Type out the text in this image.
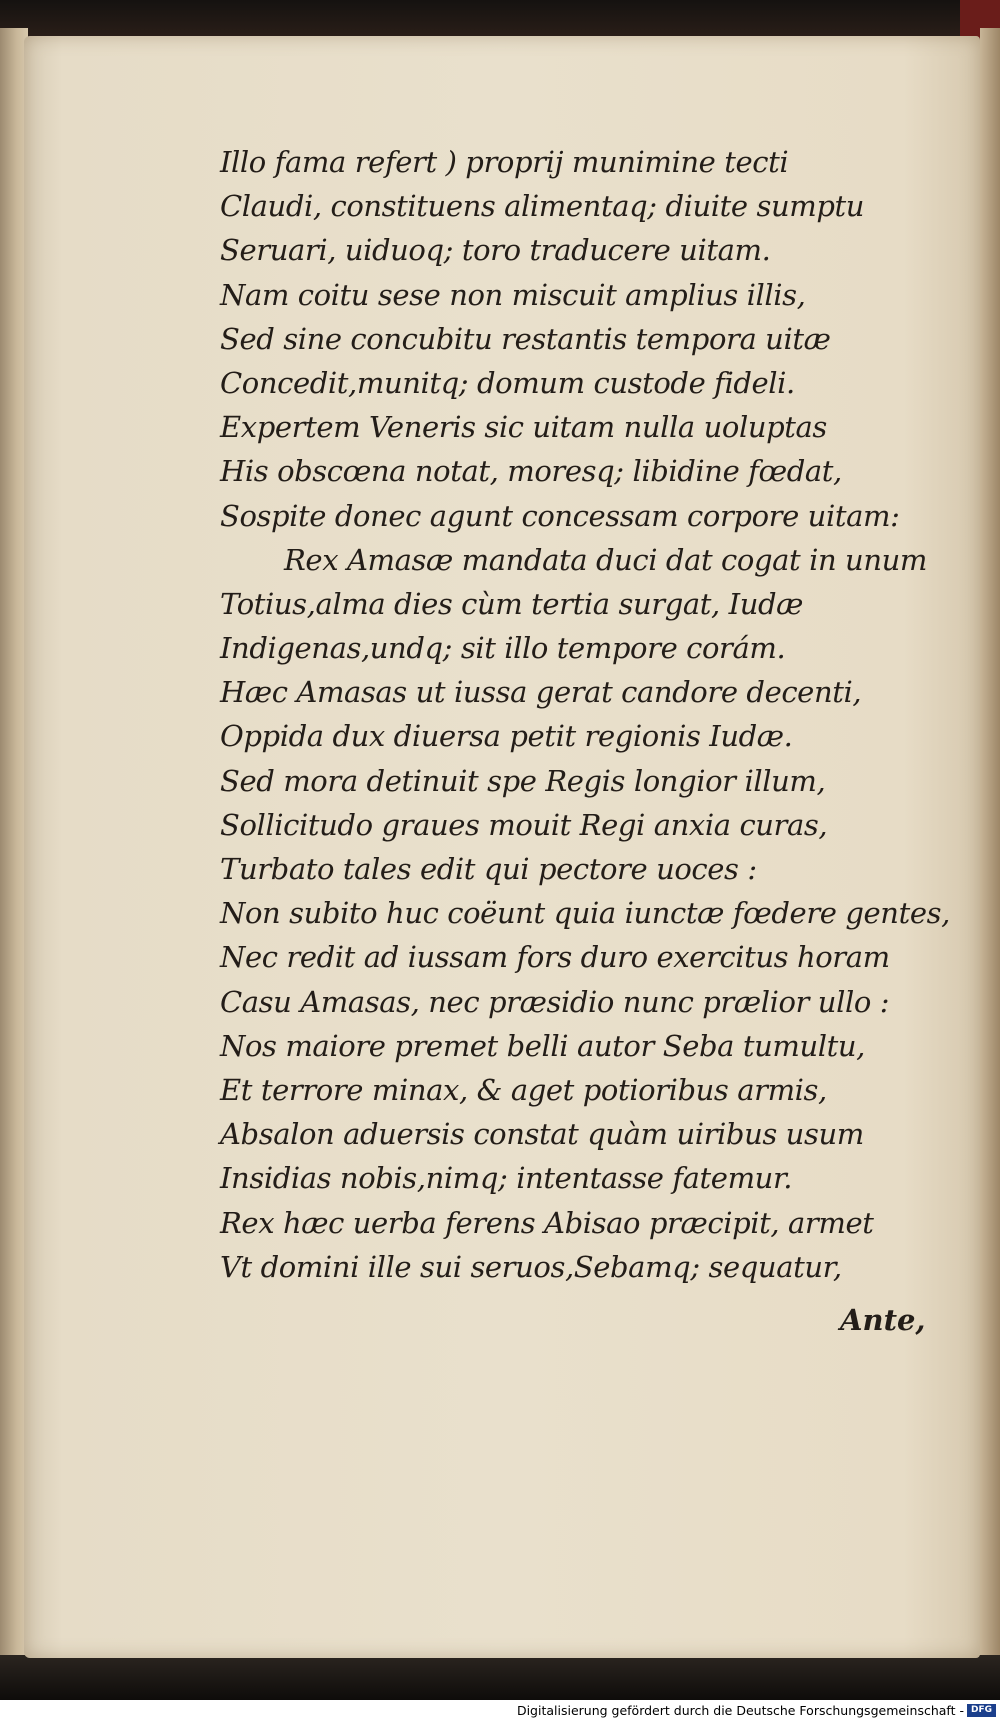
Illo fama refert ) proprij munimine tecti
Claudi, constituens alimentaq; diuite sumptu
Seruari, uiduoq; toro traducere uitam.
Nam coitu sese non miscuit amplius illis,
Sed sine concubitu restantis tempora uitæ
Concedit,munitq; domum custode fideli.
Expertem Veneris sic uitam nulla uoluptas
His obscœna notat, moresq; libidine fœdat,
Sospite donec agunt concessam corpore uitam:
Rex Amasæ mandata duci dat cogat in unum
Totius,alma dies cùm tertia surgat, Iudæ
Indigenas,undq; sit illo tempore corám.
Hæc Amasas ut iussa gerat candore decenti,
Oppida dux diuersa petit regionis Iudæ.
Sed mora detinuit spe Regis longior illum,
Sollicitudo graues mouit Regi anxia curas,
Turbato tales edit qui pectore uoces :
Non subito huc coëunt quia iunctæ fœdere gentes,
Nec redit ad iussam fors duro exercitus horam
Casu Amasas, nec præsidio nunc prælior ullo :
Nos maiore premet belli autor Seba tumultu,
Et terrore minax, & aget potioribus armis,
Absalon aduersis constat quàm uiribus usum
Insidias nobis,nimq; intentasse fatemur.
Rex hæc uerba ferens Abisao præcipit, armet
Vt domini ille sui seruos,Sebamq; sequatur,
Ante,
Digitalisierung gefördert durch die Deutsche Forschungsgemeinschaft - DFG
